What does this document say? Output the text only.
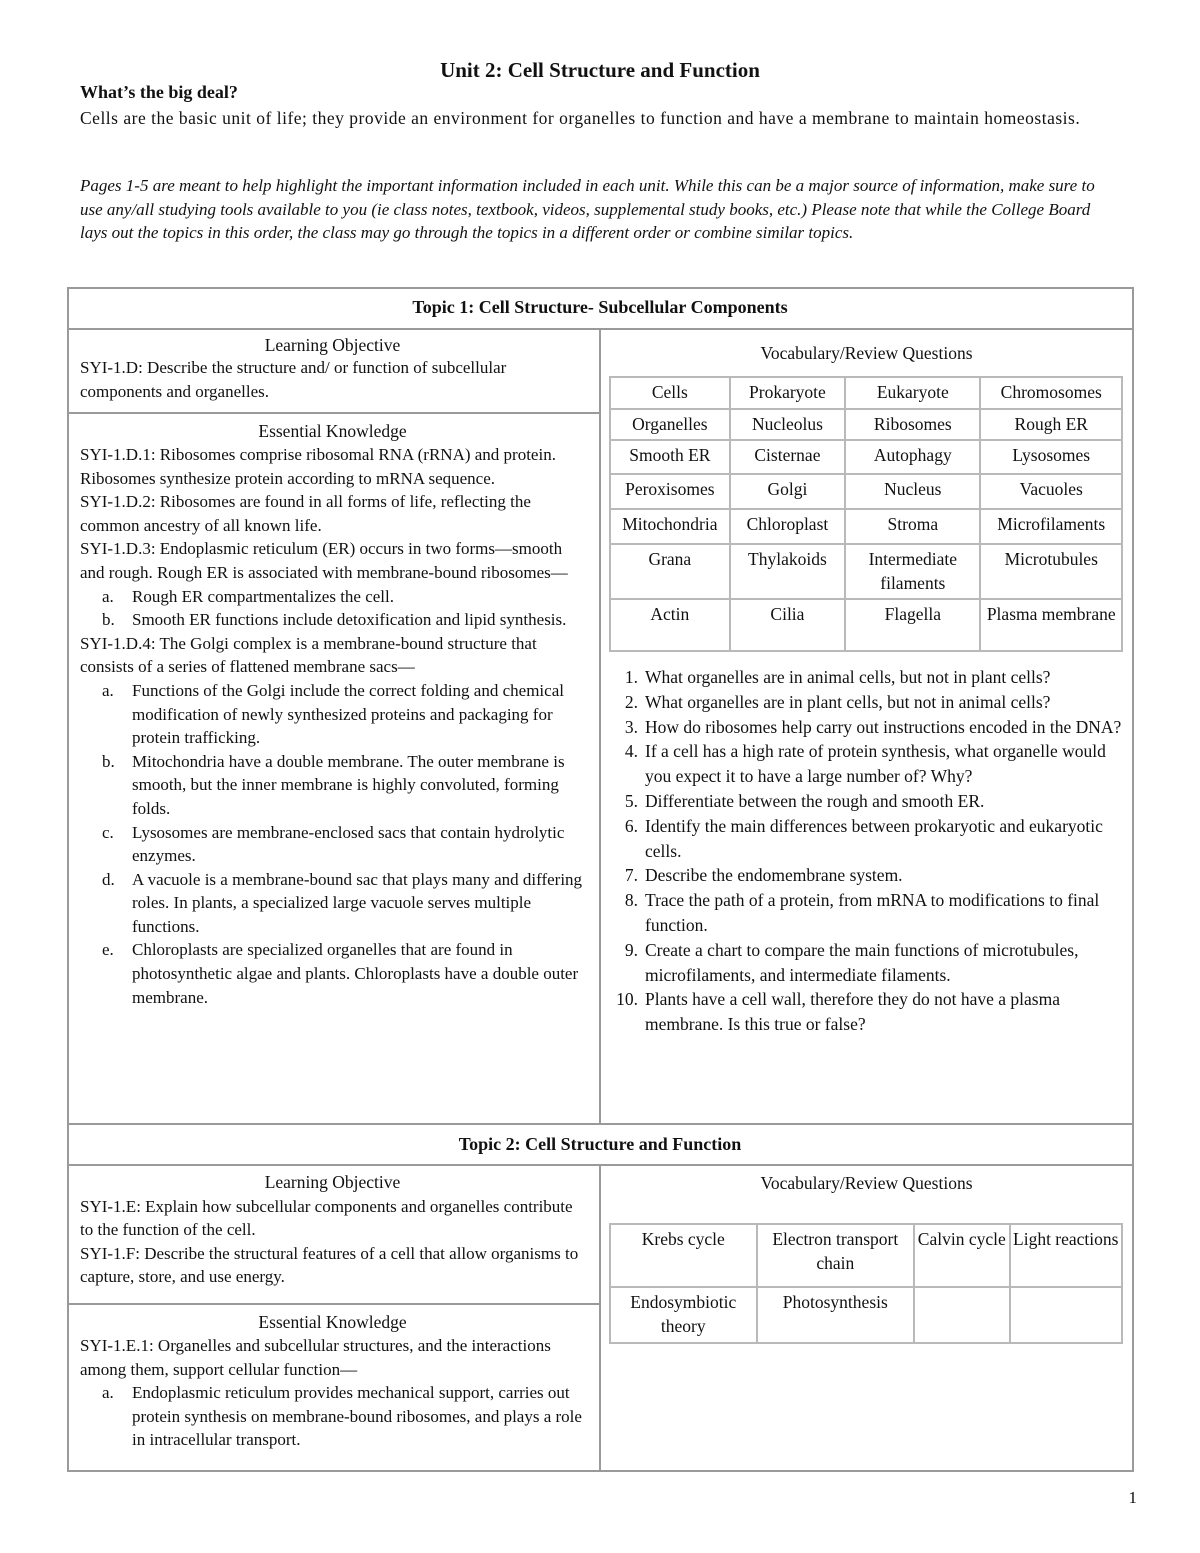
Unit 2: Cell Structure and Function
What’s the big deal?
Cells are the basic unit of life; they provide an environment for organelles to function and have a membrane to maintain homeostasis.
Pages 1-5 are meant to help highlight the important information included in each unit. While this can be a major source of information, make sure to use any/all studying tools available to you (ie class notes, textbook, videos, supplemental study books, etc.) Please note that while the College Board lays out the topics in this order, the class may go through the topics in a different order or combine similar topics.
Topic 1: Cell Structure- Subcellular Components
Learning Objective
SYI-1.D: Describe the structure and/ or function of subcellular components and organelles.
Essential Knowledge

SYI-1.D.1: Ribosomes comprise ribosomal RNA (rRNA) and protein. Ribosomes synthesize protein according to mRNA sequence.

SYI-1.D.2: Ribosomes are found in all forms of life, reflecting the common ancestry of all known life.

SYI-1.D.3: Endoplasmic reticulum (ER) occurs in two forms—smooth and rough. Rough ER is associated with membrane-bound ribosomes—

a. Rough ER compartmentalizes the cell.
b. Smooth ER functions include detoxification and lipid synthesis.

SYI-1.D.4: The Golgi complex is a membrane-bound structure that consists of a series of flattened membrane sacs—

a. Functions of the Golgi include the correct folding and chemical modification of newly synthesized proteins and packaging for protein trafficking.
b. Mitochondria have a double membrane. The outer membrane is smooth, but the inner membrane is highly convoluted, forming folds.
c. Lysosomes are membrane-enclosed sacs that contain hydrolytic enzymes.
d. A vacuole is a membrane-bound sac that plays many and differing roles. In plants, a specialized large vacuole serves multiple functions.
e. Chloroplasts are specialized organelles that are found in photosynthetic algae and plants. Chloroplasts have a double outer membrane.
Vocabulary/Review Questions
Cells	Prokaryote	Eukaryote	Chromosomes
Organelles	Nucleolus	Ribosomes	Rough ER
Smooth ER	Cisternae	Autophagy	Lysosomes
Peroxisomes	Golgi	Nucleus	Vacuoles
Mitochondria	Chloroplast	Stroma	Microfilaments
Grana	Thylakoids	Intermediate filaments	Microtubules
Actin	Cilia	Flagella	Plasma membrane
1. What organelles are in animal cells, but not in plant cells?
2. What organelles are in plant cells, but not in animal cells?
3. How do ribosomes help carry out instructions encoded in the DNA?
4. If a cell has a high rate of protein synthesis, what organelle would you expect it to have a large number of? Why?
5. Differentiate between the rough and smooth ER.
6. Identify the main differences between prokaryotic and eukaryotic cells.
7. Describe the endomembrane system.
8. Trace the path of a protein, from mRNA to modifications to final function.
9. Create a chart to compare the main functions of microtubules, microfilaments, and intermediate filaments.
10. Plants have a cell wall, therefore they do not have a plasma membrane. Is this true or false?
Topic 2: Cell Structure and Function
Learning Objective

SYI-1.E: Explain how subcellular components and organelles contribute to the function of the cell.

SYI-1.F: Describe the structural features of a cell that allow organisms to capture, store, and use energy.

Essential Knowledge

SYI-1.E.1: Organelles and subcellular structures, and the interactions among them, support cellular function—

a. Endoplasmic reticulum provides mechanical support, carries out protein synthesis on membrane-bound ribosomes, and plays a role in intracellular transport.
Vocabulary/Review Questions
Krebs cycle	Electron transport chain	Calvin cycle	Light reactions
Endosymbiotic theory	Photosynthesis		
1
